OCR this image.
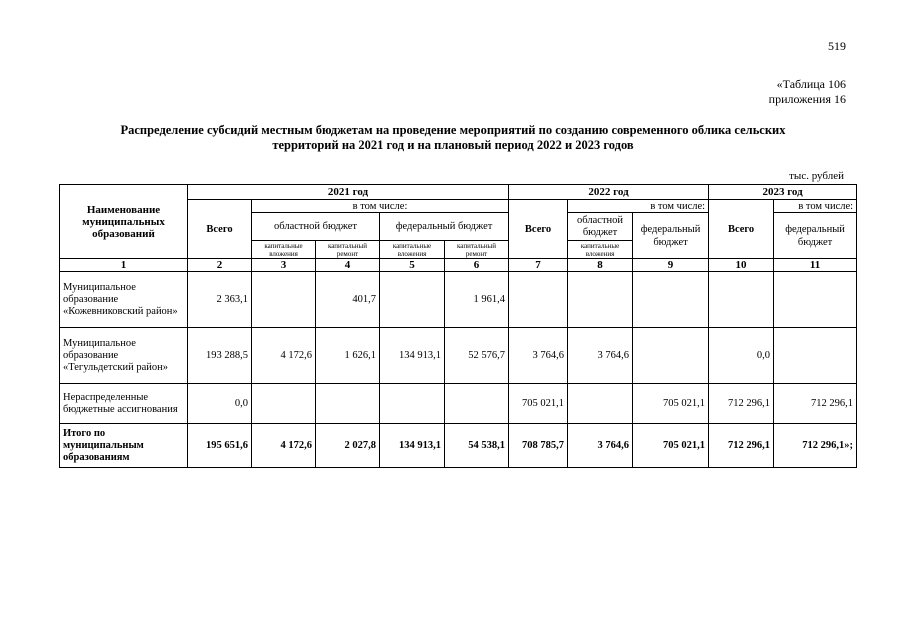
519
«Таблица 106
приложения 16
Распределение субсидий местным бюджетам на проведение мероприятий по созданию современного облика сельских
территорий на 2021 год и на плановый период 2022 и 2023 годов
тыс. рублей
Наименование муниципальных образований	2021 год					2022 год			2023 год	
	Всего	в том числе:				Всего	в том числе:		Всего	в том числе:
		областной бюджет		федеральный бюджет			областной бюджет	федеральный бюджет		федеральный бюджет
		капитальные вложения	капитальный ремонт	капитальные вложения	капитальный ремонт		капитальные вложения			
1	2	3	4	5	6	7	8	9	10	11
Муниципальное образование «Кожевниковский район»	2 363,1		401,7		1 961,4					
Муниципальное образование «Тегульдетский район»	193 288,5	4 172,6	1 626,1	134 913,1	52 576,7	3 764,6	3 764,6		0,0	
Нераспределенные бюджетные ассигнования	0,0					705 021,1		705 021,1	712 296,1	712 296,1
Итого по муниципальным образованиям	195 651,6	4 172,6	2 027,8	134 913,1	54 538,1	708 785,7	3 764,6	705 021,1	712 296,1	712 296,1»;
